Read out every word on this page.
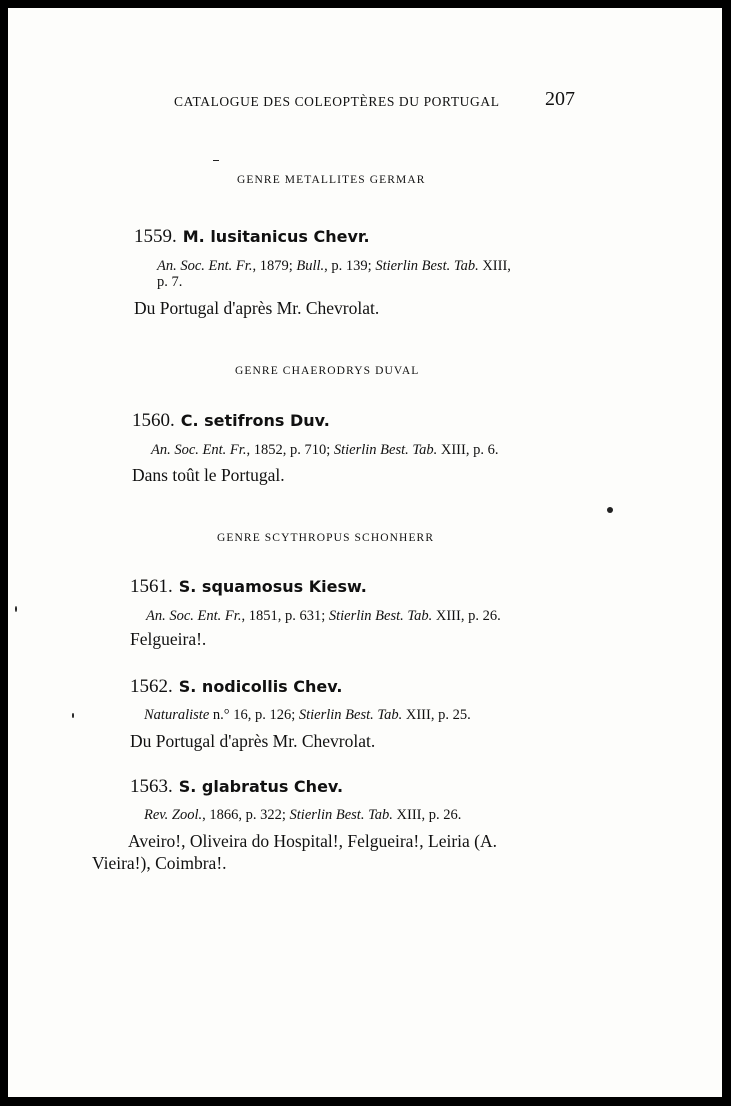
CATALOGUE DES COLEOPTÈRES DU PORTUGAL 207
GENRE METALLITES GERMAR
1559. M. lusitanicus Chevr.
An. Soc. Ent. Fr., 1879; Bull., p. 139; Stierlin Best. Tab. XIII,
p. 7.
Du Portugal d'après Mr. Chevrolat.
GENRE CHAERODRYS DUVAL
1560. C. setifrons Duv.
An. Soc. Ent. Fr., 1852, p. 710; Stierlin Best. Tab. XIII, p. 6.
Dans toût le Portugal.
GENRE SCYTHROPUS SCHONHERR
1561. S. squamosus Kiesw.
An. Soc. Ent. Fr., 1851, p. 631; Stierlin Best. Tab. XIII, p. 26.
Felgueira!.
1562. S. nodicollis Chev.
Naturaliste n.° 16, p. 126; Stierlin Best. Tab. XIII, p. 25.
Du Portugal d'après Mr. Chevrolat.
1563. S. glabratus Chev.
Rev. Zool., 1866, p. 322; Stierlin Best. Tab. XIII, p. 26.
Aveiro!, Oliveira do Hospital!, Felgueira!, Leiria (A.
Vieira!), Coimbra!.
